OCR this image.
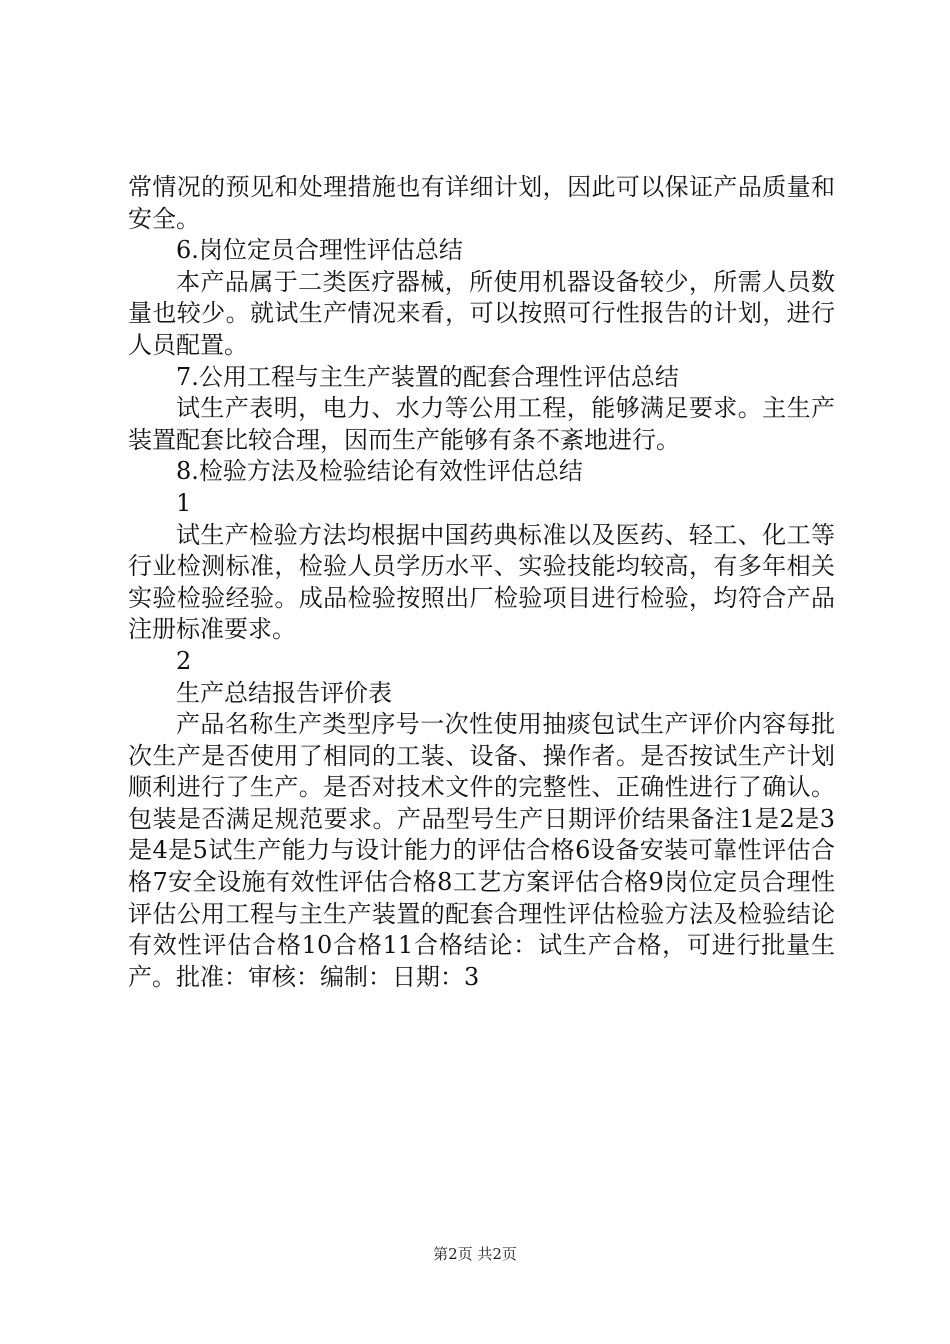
常情况的预见和处理措施也有详细计划，因此可以保证产品质量和安全。

6.岗位定员合理性评估总结

本产品属于二类医疗器械，所使用机器设备较少，所需人员数量也较少。就试生产情况来看，可以按照可行性报告的计划，进行人员配置。

7.公用工程与主生产装置的配套合理性评估总结

试生产表明，电力、水力等公用工程，能够满足要求。主生产装置配套比较合理，因而生产能够有条不紊地进行。

8.检验方法及检验结论有效性评估总结

1

试生产检验方法均根据中国药典标准以及医药、轻工、化工等行业检测标准，检验人员学历水平、实验技能均较高，有多年相关实验检验经验。成品检验按照出厂检验项目进行检验，均符合产品注册标准要求。

2

生产总结报告评价表

产品名称生产类型序号一次性使用抽痰包试生产评价内容每批次生产是否使用了相同的工装、设备、操作者。是否按试生产计划顺利进行了生产。是否对技术文件的完整性、正确性进行了确认。包装是否满足规范要求。产品型号生产日期评价结果备注1是2是3是4是5试生产能力与设计能力的评估合格6设备安装可靠性评估合格7安全设施有效性评估合格8工艺方案评估合格9岗位定员合理性评估公用工程与主生产装置的配套合理性评估检验方法及检验结论有效性评估合格10合格11合格结论：试生产合格，可进行批量生产。批准：审核：编制：日期：3

第2页 共2页
